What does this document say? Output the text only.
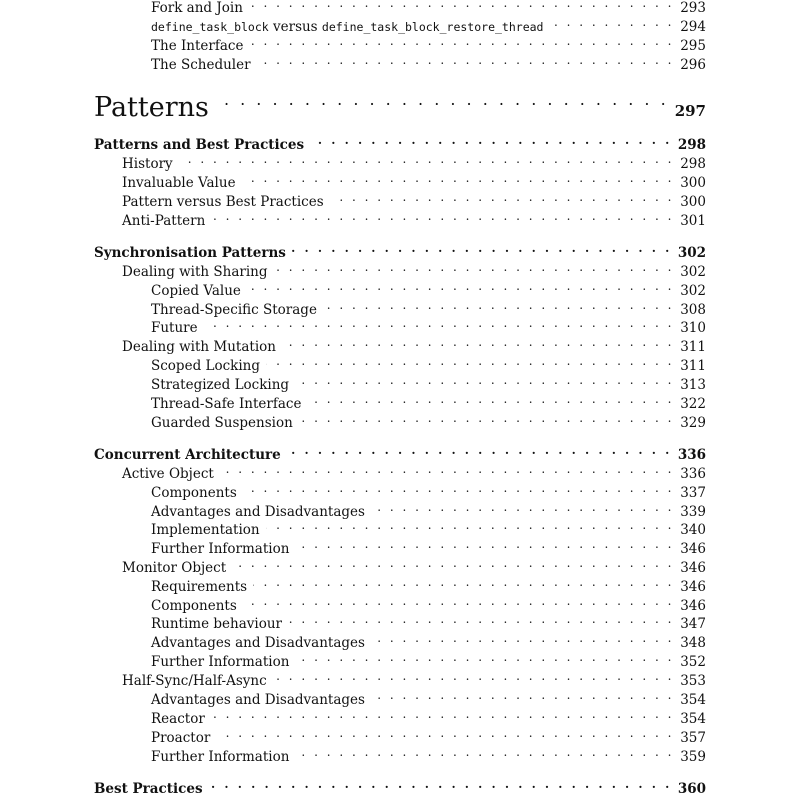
Fork and Join . . .	293
define_task_block versus define_task_block_restore_thread . . .	294
The Interface . . .	295
The Scheduler . . .	296
Patterns . . .	297
Patterns and Best Practices . . .	298
History . . .	298
Invaluable Value . . .	300
Pattern versus Best Practices . . .	300
Anti-Pattern . . .	301
Synchronisation Patterns . . .	302
Dealing with Sharing . . .	302
Copied Value . . .	302
Thread-Specific Storage . . .	308
Future . . .	310
Dealing with Mutation . . .	311
Scoped Locking . . .	311
Strategized Locking . . .	313
Thread-Safe Interface . . .	322
Guarded Suspension . . .	329
Concurrent Architecture . . .	336
Active Object . . .	336
Components . . .	337
Advantages and Disadvantages . . .	339
Implementation . . .	340
Further Information . . .	346
Monitor Object . . .	346
Requirements . . .	346
Components . . .	346
Runtime behaviour . . .	347
Advantages and Disadvantages . . .	348
Further Information . . .	352
Half-Sync/Half-Async . . .	353
Advantages and Disadvantages . . .	354
Reactor . . .	354
Proactor . . .	357
Further Information . . .	359
Best Practices . . .	360
